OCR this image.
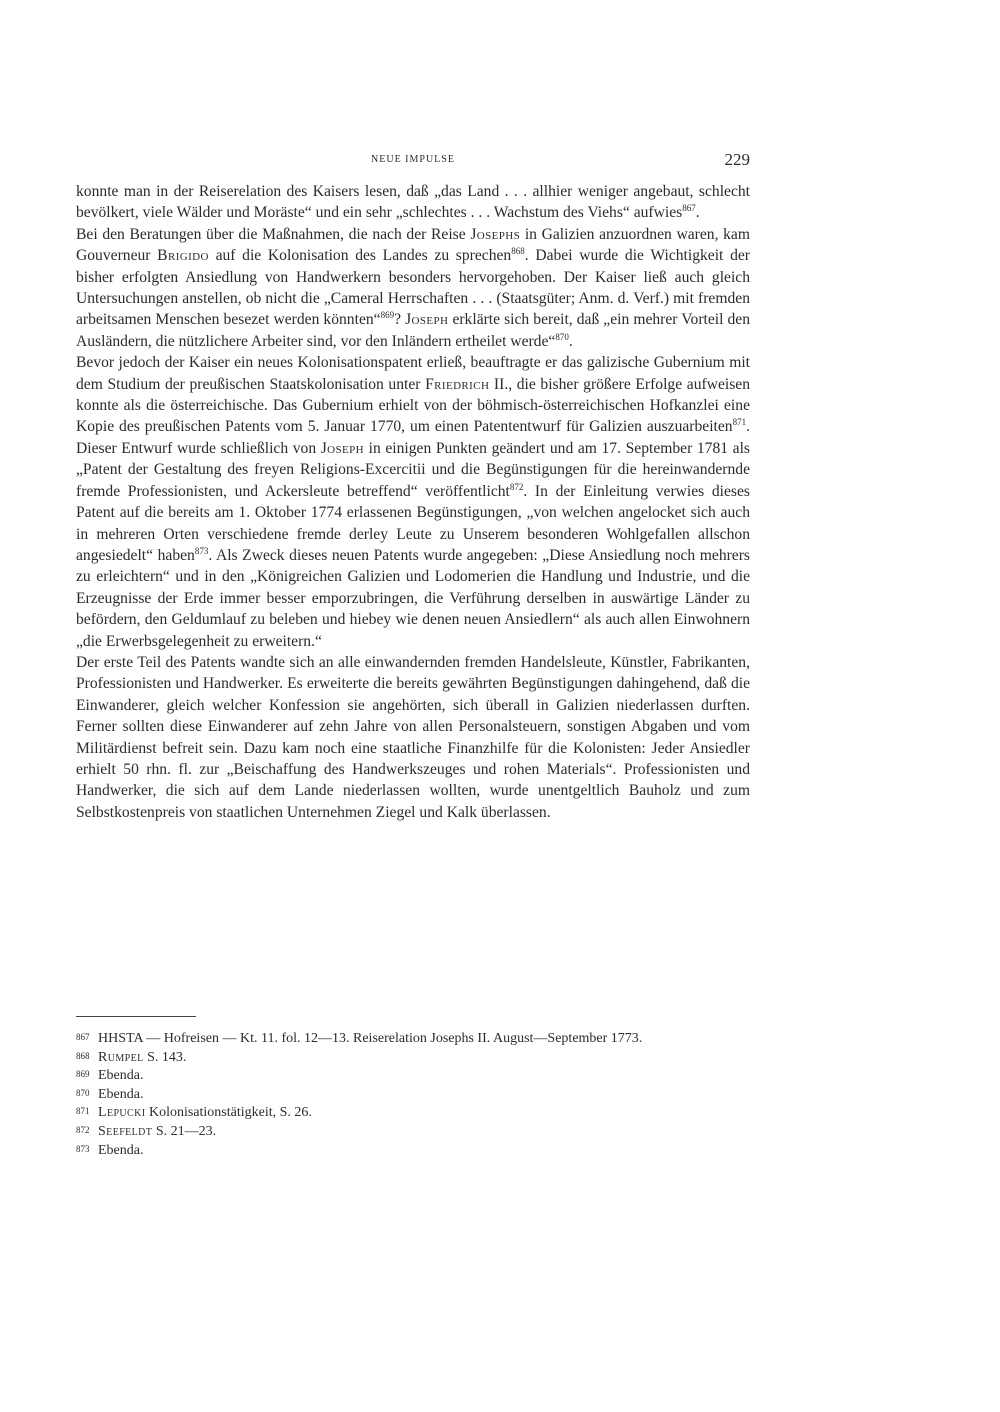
NEUE IMPULSE	229

konnte man in der Reiserelation des Kaisers lesen, daß „das Land . . . allhier weniger angebaut, schlecht bevölkert, viele Wälder und Moräste“ und ein sehr „schlechtes . . . Wachstum des Viehs“ aufwies$^{867}$.

Bei den Beratungen über die Maßnahmen, die nach der Reise Josephs in Galizien anzuordnen waren, kam Gouverneur Brigido auf die Kolonisation des Landes zu sprechen$^{868}$. Dabei wurde die Wichtigkeit der bisher erfolgten Ansiedlung von Handwerkern besonders hervorgehoben. Der Kaiser ließ auch gleich Untersuchungen anstellen, ob nicht die „Cameral Herrschaften . . . (Staatsgüter; Anm. d. Verf.) mit fremden arbeitsamen Menschen besezet werden könnten“$^{869}$? Joseph erklärte sich bereit, daß „ein mehrer Vorteil den Ausländern, die nützlichere Arbeiter sind, vor den Inländern ertheilet werde“$^{870}$.

Bevor jedoch der Kaiser ein neues Kolonisationspatent erließ, beauftragte er das galizische Gubernium mit dem Studium der preußischen Staatskolonisation unter Friedrich II., die bisher größere Erfolge aufweisen konnte als die österreichische. Das Gubernium erhielt von der böhmisch-österreichischen Hofkanzlei eine Kopie des preußischen Patents vom 5. Januar 1770, um einen Patententwurf für Galizien auszuarbeiten$^{871}$. Dieser Entwurf wurde schließlich von Joseph in einigen Punkten geändert und am 17. September 1781 als „Patent der Gestaltung des freyen Religions-Excercitii und die Begünstigungen für die hereinwandernde fremde Professionisten, und Ackersleute betreffend“ veröffentlicht$^{872}$. In der Einleitung verwies dieses Patent auf die bereits am 1. Oktober 1774 erlassenen Begünstigungen, „von welchen angelocket sich auch in mehreren Orten verschiedene fremde derley Leute zu Unserem besonderen Wohlgefallen allschon angesiedelt“ haben$^{873}$. Als Zweck dieses neuen Patents wurde angegeben: „Diese Ansiedlung noch mehrers zu erleichtern“ und in den „Königreichen Galizien und Lodomerien die Handlung und Industrie, und die Erzeugnisse der Erde immer besser emporzubringen, die Verführung derselben in auswärtige Länder zu befördern, den Geldumlauf zu beleben und hiebey wie denen neuen Ansiedlern“ als auch allen Einwohnern „die Erwerbsgelegenheit zu erweitern.“

Der erste Teil des Patents wandte sich an alle einwandernden fremden Handelsleute, Künstler, Fabrikanten, Professionisten und Handwerker. Es erweiterte die bereits gewährten Begünstigungen dahingehend, daß die Einwanderer, gleich welcher Konfession sie angehörten, sich überall in Galizien niederlassen durften. Ferner sollten diese Einwanderer auf zehn Jahre von allen Personalsteuern, sonstigen Abgaben und vom Militärdienst befreit sein. Dazu kam noch eine staatliche Finanzhilfe für die Kolonisten: Jeder Ansiedler erhielt 50 rhn. fl. zur „Beischaffung des Handwerkszeuges und rohen Materials“. Professionisten und Handwerker, die sich auf dem Lande niederlassen wollten, wurde unentgeltlich Bauholz und zum Selbstkostenpreis von staatlichen Unternehmen Ziegel und Kalk überlassen.

867 HHSTA — Hofreisen — Kt. 11. fol. 12—13. Reiserelation Josephs II. August—September 1773.
868 Rumpel S. 143.
869 Ebenda.
870 Ebenda.
871 Lepucki Kolonisationstätigkeit, S. 26.
872 Seefeldt S. 21—23.
873 Ebenda.
